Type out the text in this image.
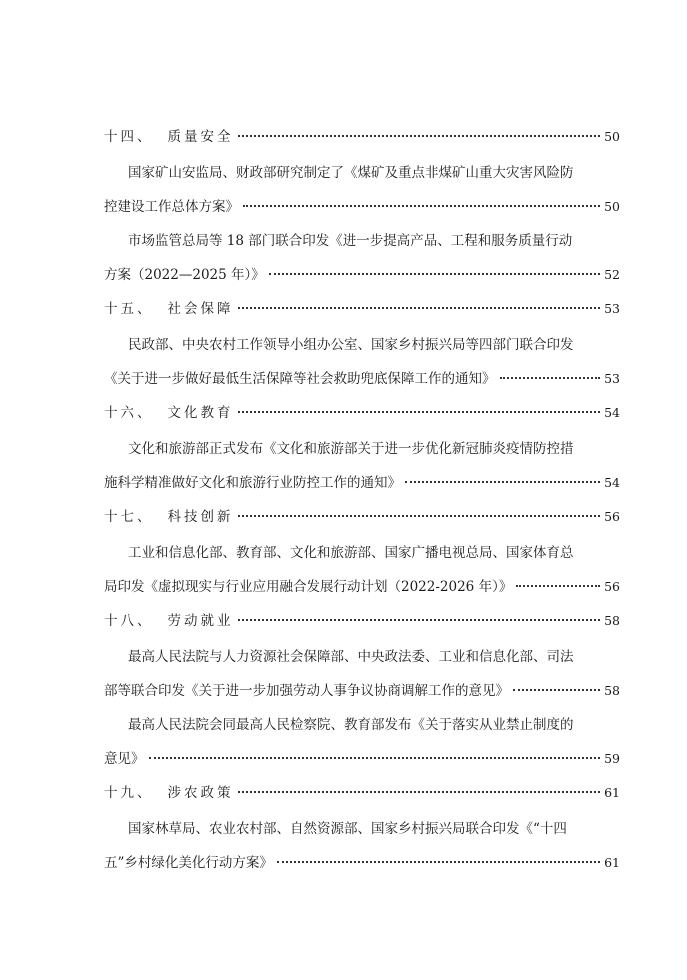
十四、 质量安全	50
国家矿山安监局、财政部研究制定了《煤矿及重点非煤矿山重大灾害风险防
控建设工作总体方案》	50
市场监管总局等 18 部门联合印发《进一步提高产品、工程和服务质量行动
方案（2022—2025 年）》	52
十五、 社会保障	53
民政部、中央农村工作领导小组办公室、国家乡村振兴局等四部门联合印发
《关于进一步做好最低生活保障等社会救助兜底保障工作的通知》	53
十六、 文化教育	54
文化和旅游部正式发布《文化和旅游部关于进一步优化新冠肺炎疫情防控措
施科学精准做好文化和旅游行业防控工作的通知》	54
十七、 科技创新	56
工业和信息化部、教育部、文化和旅游部、国家广播电视总局、国家体育总
局印发《虚拟现实与行业应用融合发展行动计划（2022-2026 年）》	56
十八、 劳动就业	58
最高人民法院与人力资源社会保障部、中央政法委、工业和信息化部、司法
部等联合印发《关于进一步加强劳动人事争议协商调解工作的意见》	58
最高人民法院会同最高人民检察院、教育部发布《关于落实从业禁止制度的
意见》	59
十九、 涉农政策	61
国家林草局、农业农村部、自然资源部、国家乡村振兴局联合印发《“十四
五”乡村绿化美化行动方案》	61
